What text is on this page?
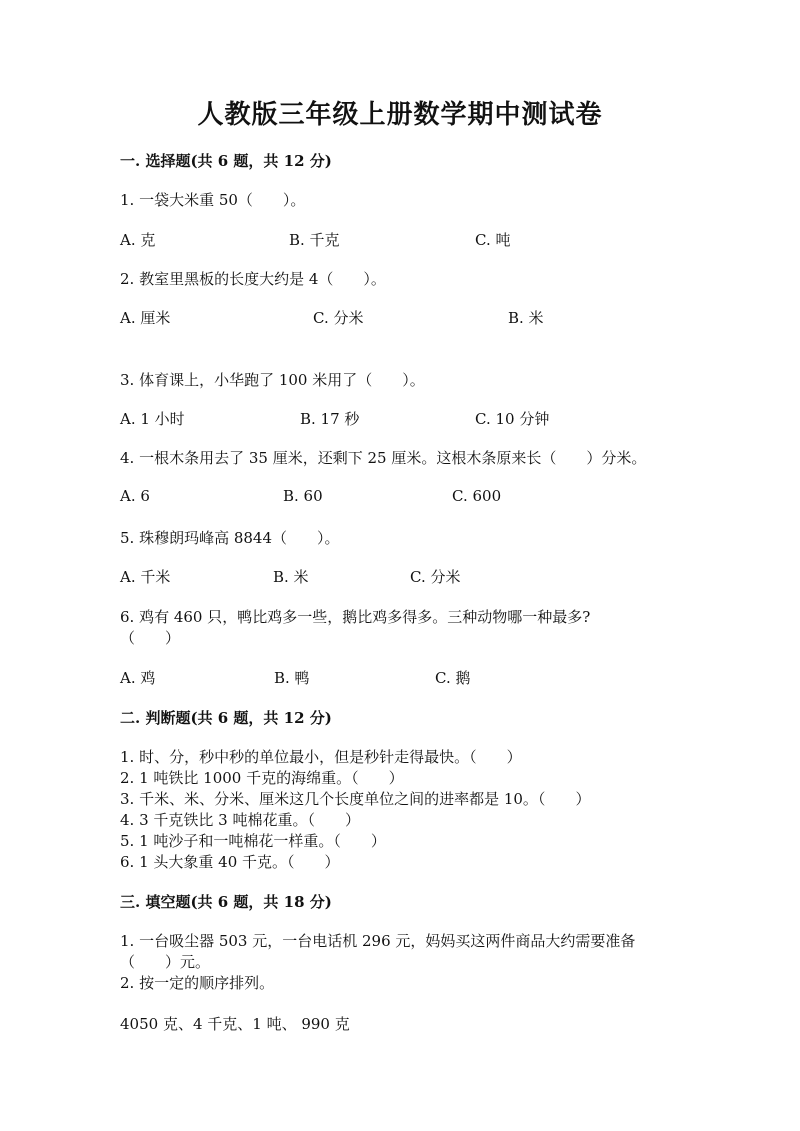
人教版三年级上册数学期中测试卷
一. 选择题(共 6 题，共 12 分)
1. 一袋大米重 50（　　）。
A. 克	B. 千克	C. 吨
2. 教室里黑板的长度大约是 4（　　）。
A. 厘米	C. 分米	B. 米
3. 体育课上，小华跑了 100 米用了（　　）。
A. 1 小时	B. 17 秒	C. 10 分钟
4. 一根木条用去了 35 厘米，还剩下 25 厘米。这根木条原来长（　　）分米。
A. 6	B. 60	C. 600
5. 珠穆朗玛峰高 8844（　　）。
A. 千米	B. 米	C. 分米
6. 鸡有 460 只，鸭比鸡多一些，鹅比鸡多得多。三种动物哪一种最多?
（　　）
A. 鸡	B. 鸭	C. 鹅
二. 判断题(共 6 题，共 12 分)
1. 时、分，秒中秒的单位最小，但是秒针走得最快。（　　）
2. 1 吨铁比 1000 千克的海绵重。（　　）
3. 千米、米、分米、厘米这几个长度单位之间的进率都是 10。（　　）
4. 3 千克铁比 3 吨棉花重。（　　）
5. 1 吨沙子和一吨棉花一样重。（　　）
6. 1 头大象重 40 千克。（　　）
三. 填空题(共 6 题，共 18 分)
1. 一台吸尘器 503 元，一台电话机 296 元，妈妈买这两件商品大约需要准备
（　　）元。
2. 按一定的顺序排列。
4050 克、4 千克、1 吨、 990 克
